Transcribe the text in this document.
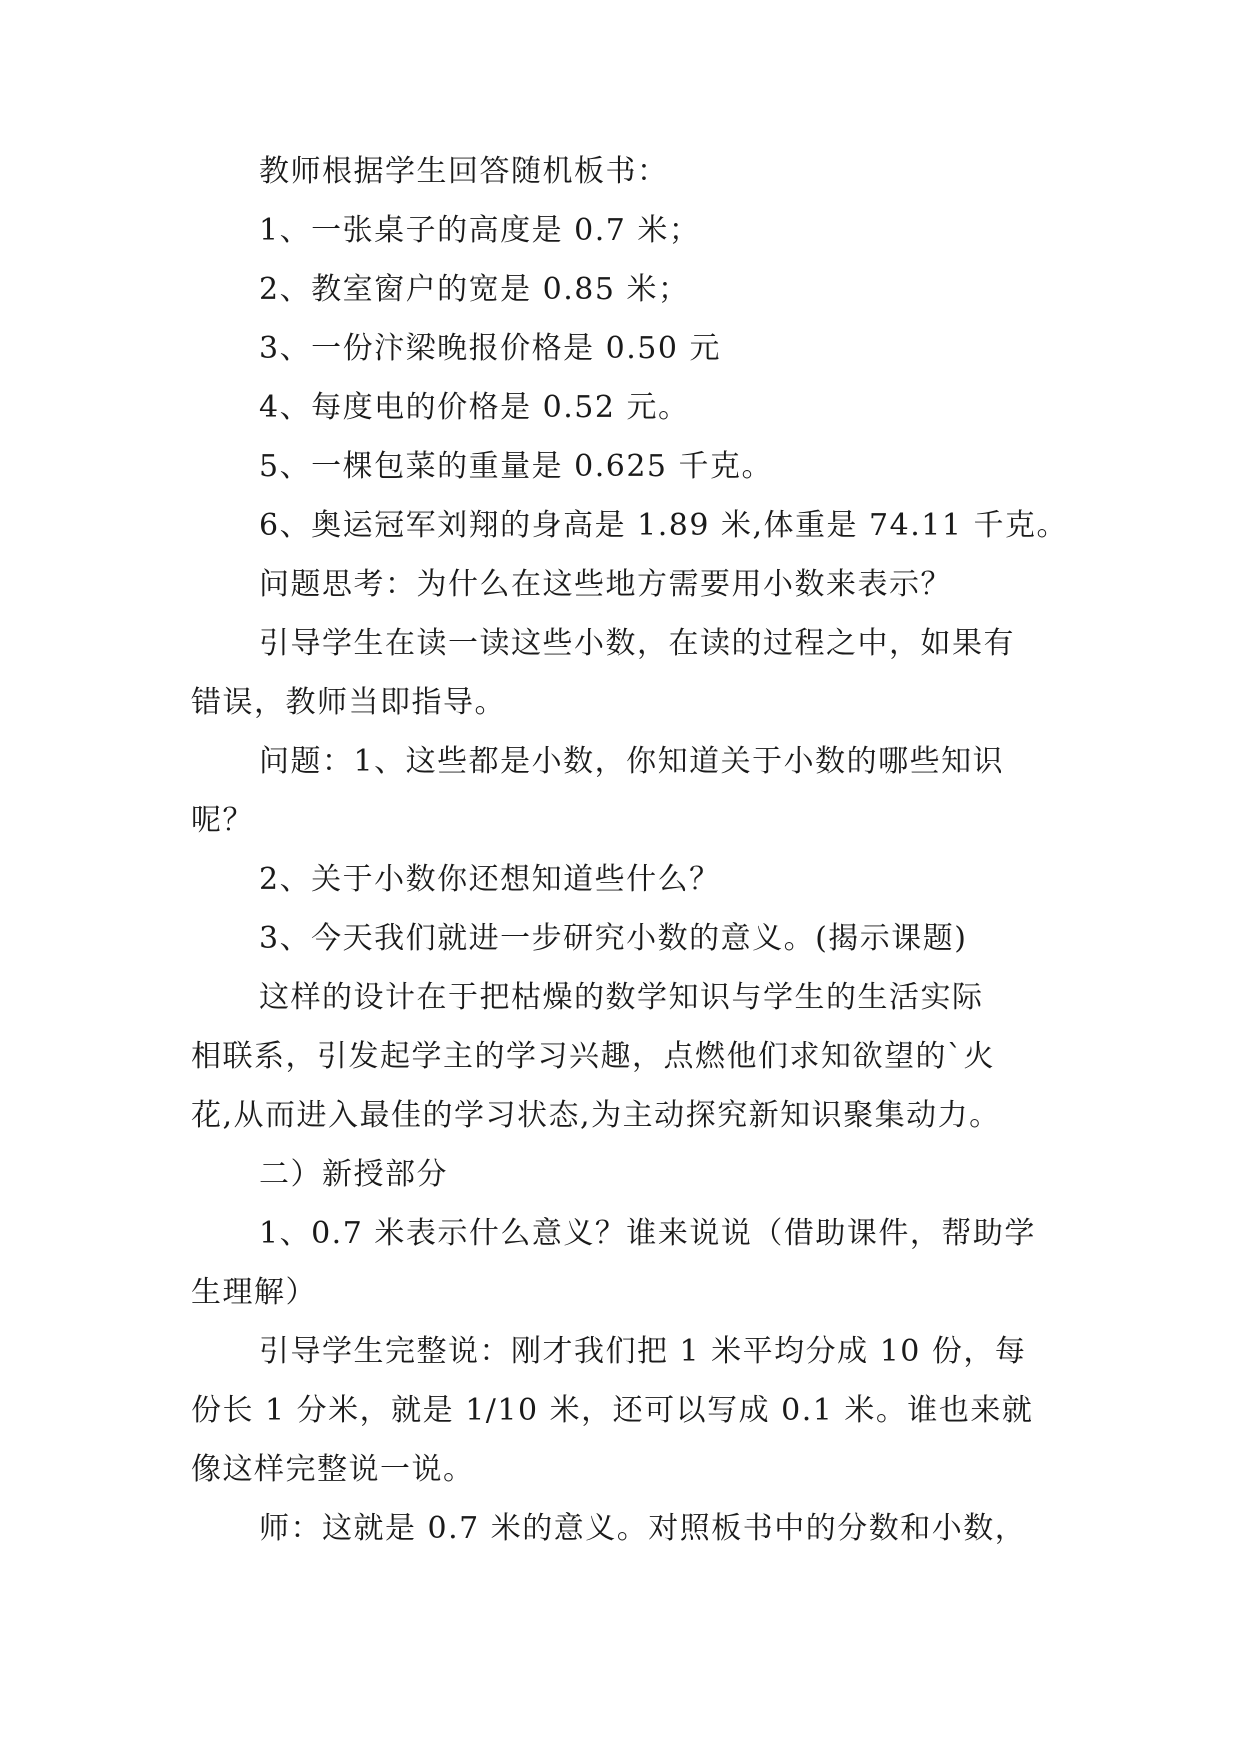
教师根据学生回答随机板书：
1、一张桌子的高度是 0.7 米；
2、教室窗户的宽是 0.85 米；
3、一份汴梁晚报价格是 0.50 元
4、每度电的价格是 0.52 元。
5、一棵包菜的重量是 0.625 千克。
6、奥运冠军刘翔的身高是 1.89 米,体重是 74.11 千克。
问题思考：为什么在这些地方需要用小数来表示？
引导学生在读一读这些小数，在读的过程之中，如果有
错误，教师当即指导。
问题：1、这些都是小数，你知道关于小数的哪些知识
呢？
2、关于小数你还想知道些什么？
3、今天我们就进一步研究小数的意义。(揭示课题)
这样的设计在于把枯燥的数学知识与学生的生活实际
相联系，引发起学主的学习兴趣，点燃他们求知欲望的`火
花,从而进入最佳的学习状态,为主动探究新知识聚集动力。
二）新授部分
1、0.7 米表示什么意义？谁来说说（借助课件，帮助学
生理解）
引导学生完整说：刚才我们把 1 米平均分成 10 份，每
份长 1 分米，就是 1/10 米，还可以写成 0.1 米。谁也来就
像这样完整说一说。
师：这就是 0.7 米的意义。对照板书中的分数和小数，
